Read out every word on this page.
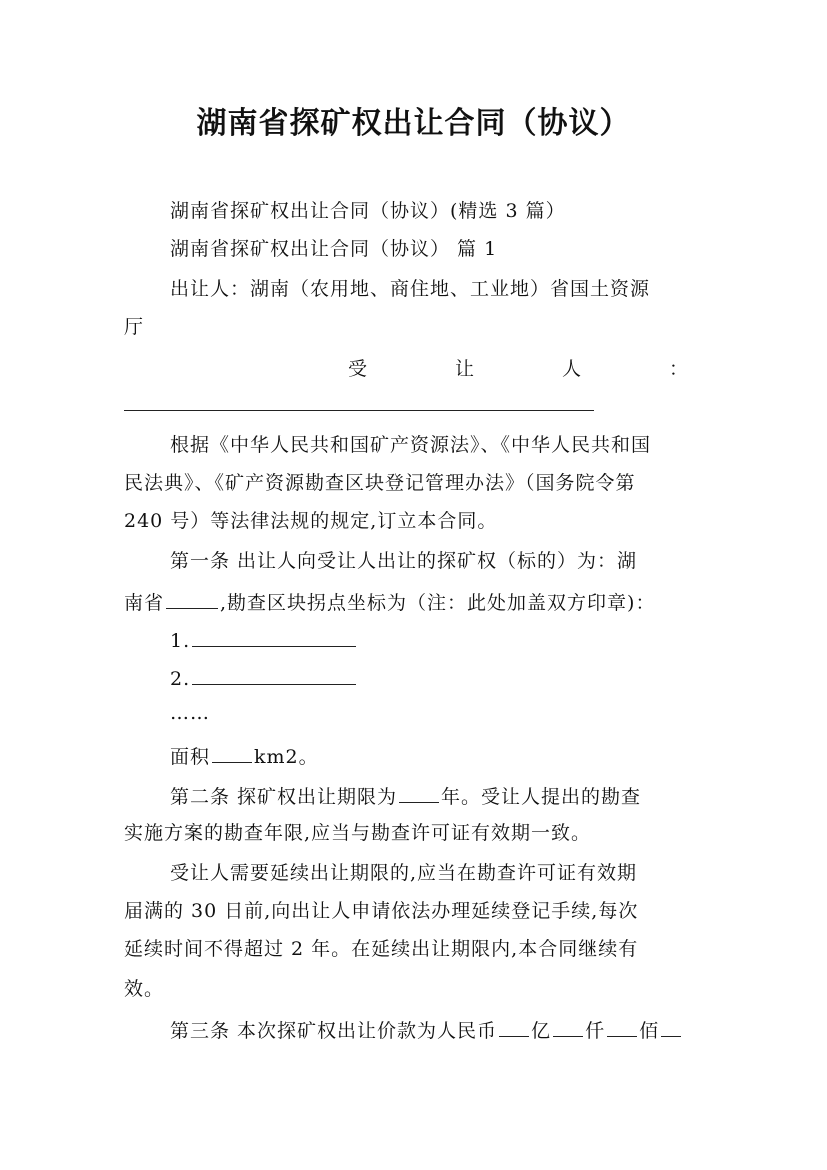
湖南省探矿权出让合同（协议）
湖南省探矿权出让合同（协议）(精选 3 篇）
湖南省探矿权出让合同（协议） 篇 1
出让人：湖南（农用地、商住地、工业地）省国土资源
厅
受	让	人	：
根据《中华人民共和国矿产资源法》、《中华人民共和国
民法典》、《矿产资源勘查区块登记管理办法》（国务院令第
240 号）等法律法规的规定,订立本合同。
第一条 出让人向受让人出让的探矿权（标的）为：湖
南省	,勘查区块拐点坐标为（注：此处加盖双方印章)：
1.
2.
……
面积 km2。
第二条 探矿权出让期限为 年。受让人提出的勘查
实施方案的勘查年限,应当与勘查许可证有效期一致。
受让人需要延续出让期限的,应当在勘查许可证有效期
届满的 30 日前,向出让人申请依法办理延续登记手续,每次
延续时间不得超过 2 年。在延续出让期限内,本合同继续有
效。
第三条 本次探矿权出让价款为人民币 亿 仟 佰
